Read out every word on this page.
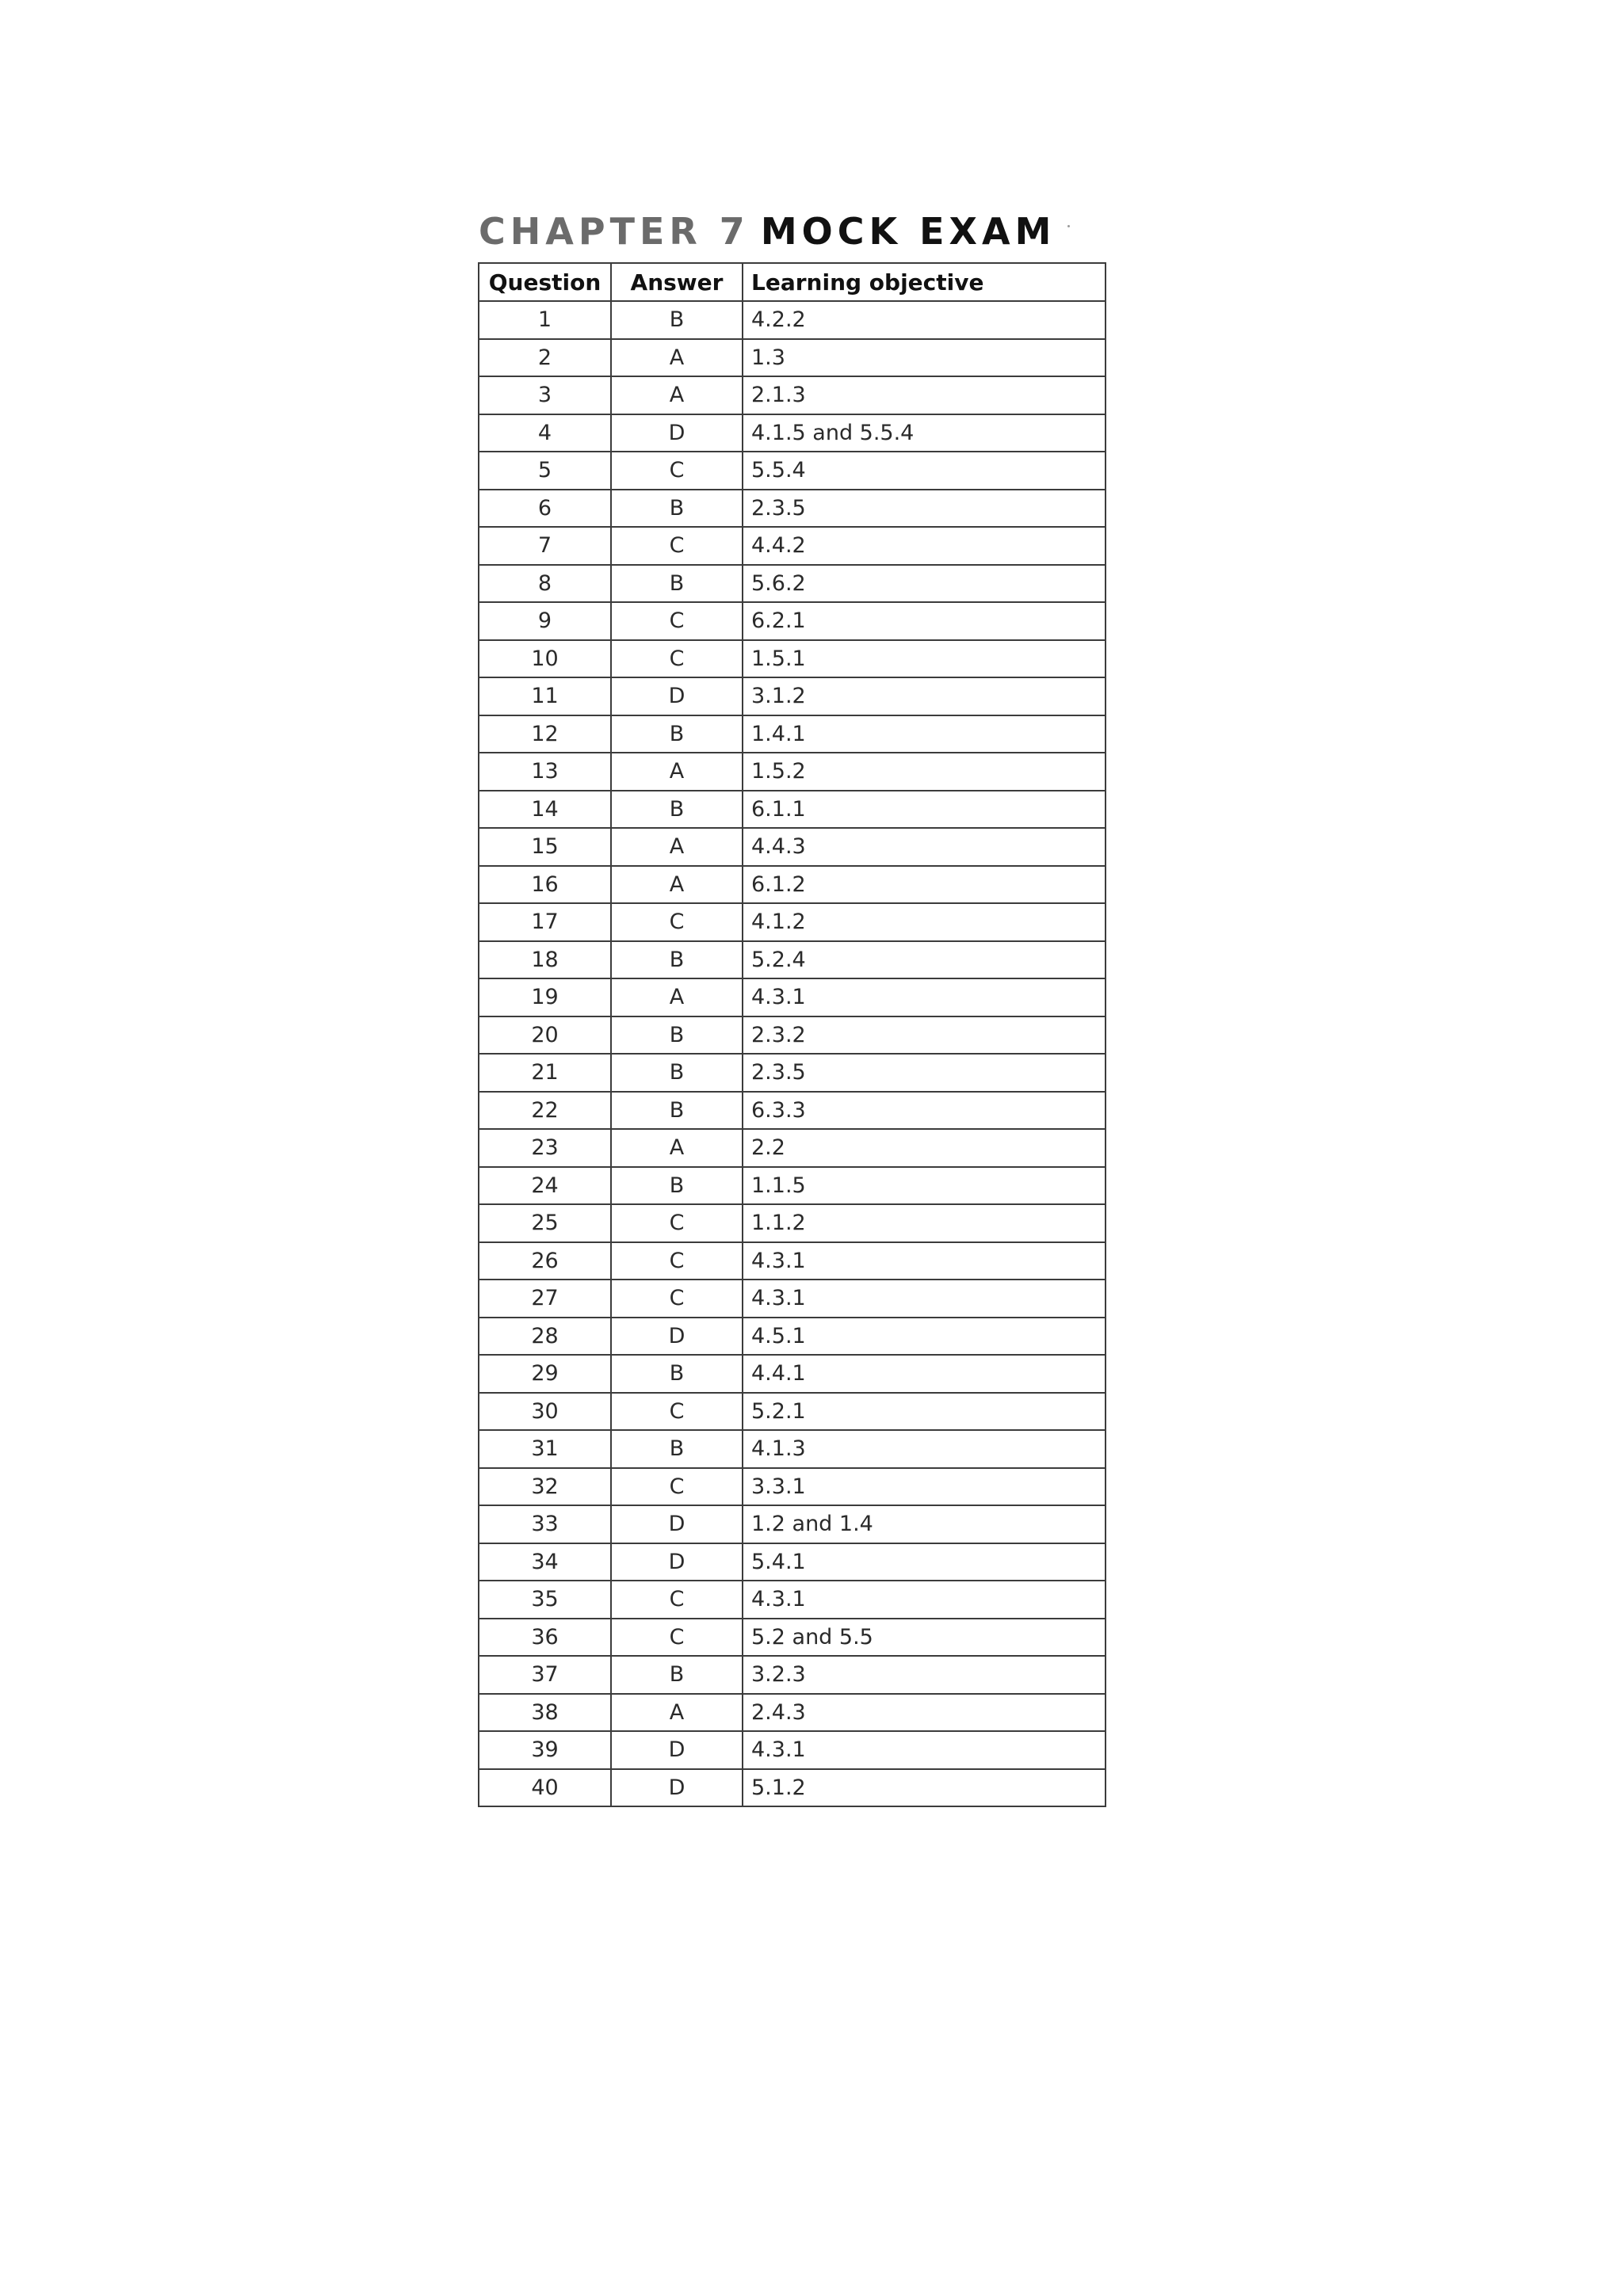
CHAPTER 7 MOCK EXAM
Question	Answer	Learning objective
1	B	4.2.2
2	A	1.3
3	A	2.1.3
4	D	4.1.5 and 5.5.4
5	C	5.5.4
6	B	2.3.5
7	C	4.4.2
8	B	5.6.2
9	C	6.2.1
10	C	1.5.1
11	D	3.1.2
12	B	1.4.1
13	A	1.5.2
14	B	6.1.1
15	A	4.4.3
16	A	6.1.2
17	C	4.1.2
18	B	5.2.4
19	A	4.3.1
20	B	2.3.2
21	B	2.3.5
22	B	6.3.3
23	A	2.2
24	B	1.1.5
25	C	1.1.2
26	C	4.3.1
27	C	4.3.1
28	D	4.5.1
29	B	4.4.1
30	C	5.2.1
31	B	4.1.3
32	C	3.3.1
33	D	1.2 and 1.4
34	D	5.4.1
35	C	4.3.1
36	C	5.2 and 5.5
37	B	3.2.3
38	A	2.4.3
39	D	4.3.1
40	D	5.1.2
